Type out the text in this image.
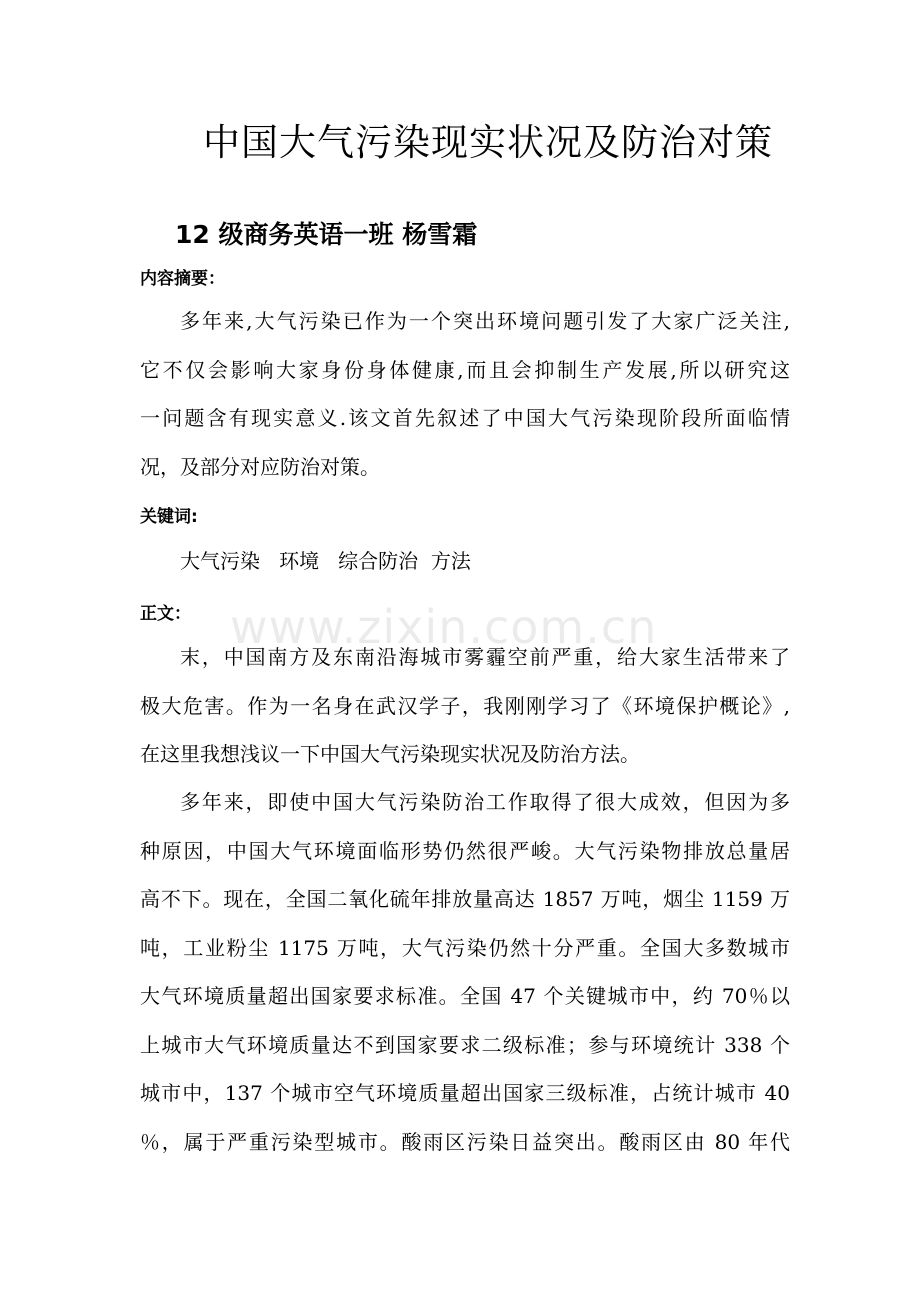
中国大气污染现实状况及防治对策
12 级商务英语一班 杨雪霜
内容摘要：
多年来,大气污染已作为一个突出环境问题引发了大家广泛关注,
它不仅会影响大家身份身体健康,而且会抑制生产发展,所以研究这
一问题含有现实意义.该文首先叙述了中国大气污染现阶段所面临情
况，及部分对应防治对策。
关键词:
大气污染   环境   综合防治  方法
www.zixin.com.cn
正文：
末，中国南方及东南沿海城市雾霾空前严重，给大家生活带来了
极大危害。作为一名身在武汉学子，我刚刚学习了《环境保护概论》,
在这里我想浅议一下中国大气污染现实状况及防治方法。
多年来，即使中国大气污染防治工作取得了很大成效，但因为多
种原因，中国大气环境面临形势仍然很严峻。大气污染物排放总量居
高不下。现在，全国二氧化硫年排放量高达 1857 万吨，烟尘 1159 万
吨，工业粉尘 1175 万吨，大气污染仍然十分严重。全国大多数城市
大气环境质量超出国家要求标准。全国 47 个关键城市中，约 70％以
上城市大气环境质量达不到国家要求二级标准；参与环境统计 338 个
城市中，137 个城市空气环境质量超出国家三级标准，占统计城市 40
％，属于严重污染型城市。酸雨区污染日益突出。酸雨区由 80 年代
